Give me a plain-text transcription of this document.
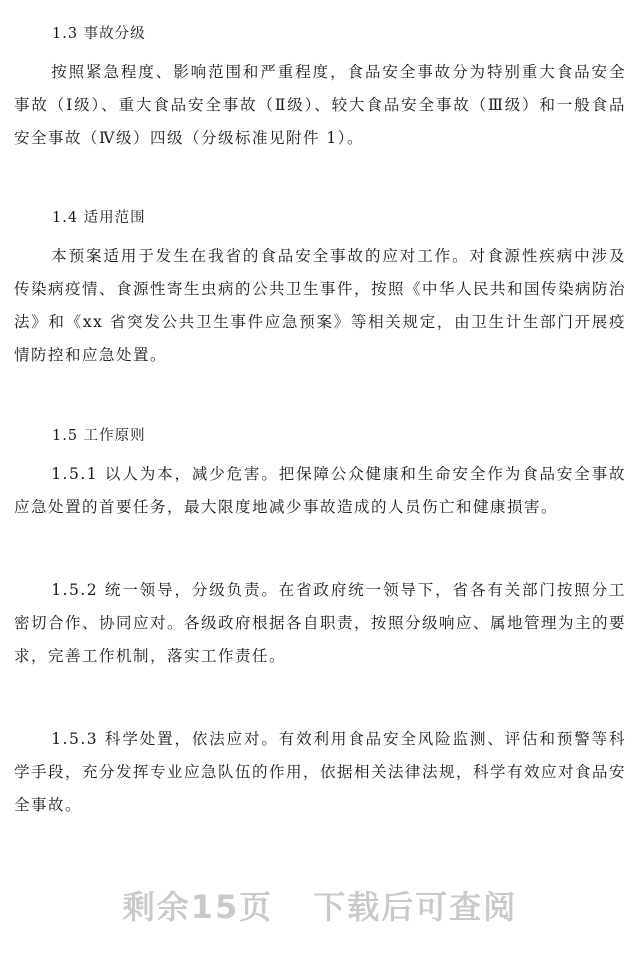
1.3 事故分级
按照紧急程度、影响范围和严重程度，食品安全事故分为特别重大食品安全事故（Ⅰ级）、重大食品安全事故（Ⅱ级）、较大食品安全事故（Ⅲ级）和一般食品安全事故（Ⅳ级）四级（分级标准见附件 1）。
1.4 适用范围
本预案适用于发生在我省的食品安全事故的应对工作。对食源性疾病中涉及传染病疫情、食源性寄生虫病的公共卫生事件，按照《中华人民共和国传染病防治法》和《xx 省突发公共卫生事件应急预案》等相关规定，由卫生计生部门开展疫情防控和应急处置。
1.5 工作原则
1.5.1 以人为本，减少危害。把保障公众健康和生命安全作为食品安全事故应急处置的首要任务，最大限度地减少事故造成的人员伤亡和健康损害。
1.5.2 统一领导，分级负责。在省政府统一领导下，省各有关部门按照分工密切合作、协同应对。各级政府根据各自职责，按照分级响应、属地管理为主的要求，完善工作机制，落实工作责任。
1.5.3 科学处置，依法应对。有效利用食品安全风险监测、评估和预警等科学手段，充分发挥专业应急队伍的作用，依据相关法律法规，科学有效应对食品安全事故。
剩余15页 下载后可查阅
